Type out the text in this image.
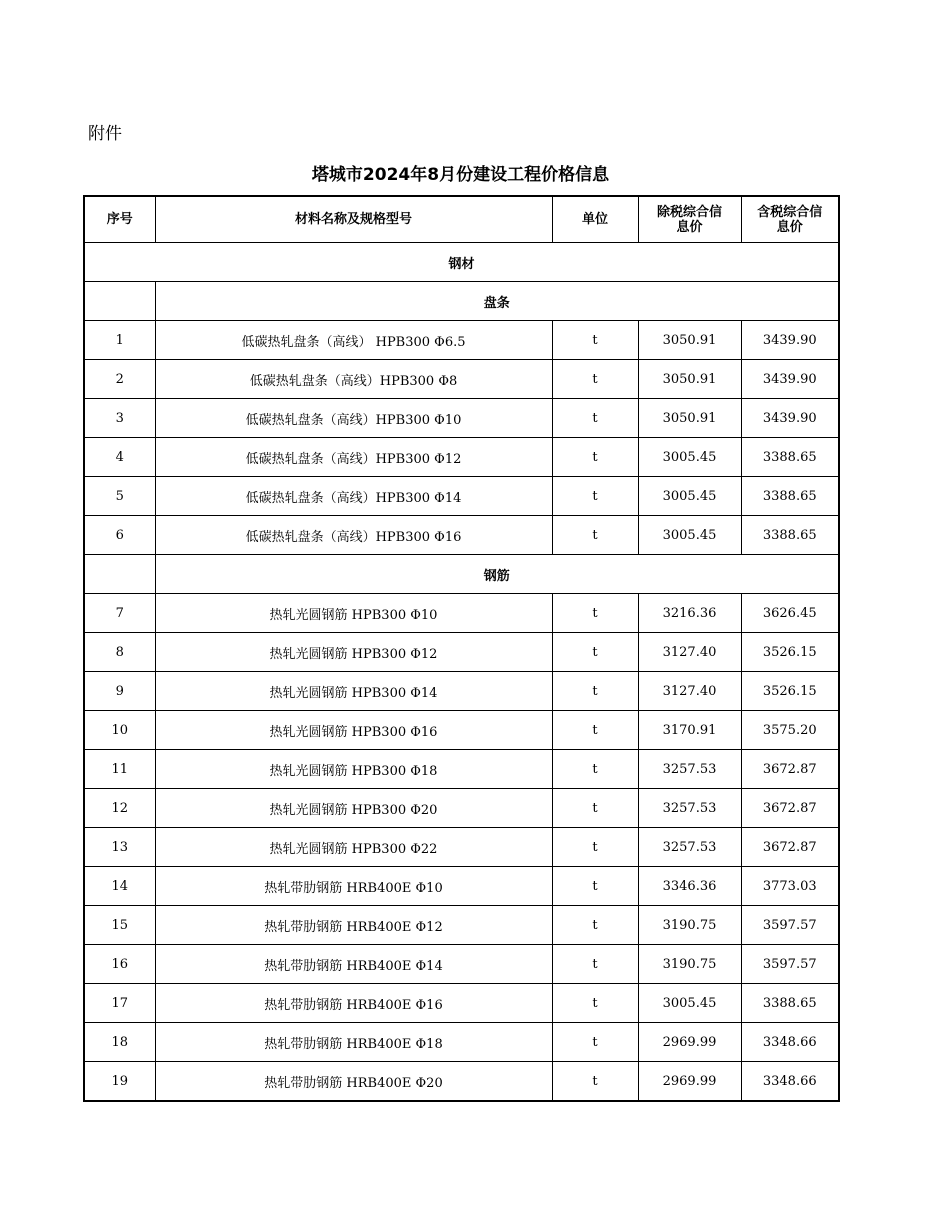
附件
塔城市2024年8月份建设工程价格信息
序号	材料名称及规格型号	单位	除税综合信息价	含税综合信息价
钢材				
	盘条			
1	低碳热轧盘条（高线） HPB300 Φ6.5	t	3050.91	3439.90
2	低碳热轧盘条（高线）HPB300 Φ8	t	3050.91	3439.90
3	低碳热轧盘条（高线）HPB300 Φ10	t	3050.91	3439.90
4	低碳热轧盘条（高线）HPB300 Φ12	t	3005.45	3388.65
5	低碳热轧盘条（高线）HPB300 Φ14	t	3005.45	3388.65
6	低碳热轧盘条（高线）HPB300 Φ16	t	3005.45	3388.65
	钢筋			
7	热轧光圆钢筋 HPB300 Φ10	t	3216.36	3626.45
8	热轧光圆钢筋 HPB300 Φ12	t	3127.40	3526.15
9	热轧光圆钢筋 HPB300 Φ14	t	3127.40	3526.15
10	热轧光圆钢筋 HPB300 Φ16	t	3170.91	3575.20
11	热轧光圆钢筋 HPB300 Φ18	t	3257.53	3672.87
12	热轧光圆钢筋 HPB300 Φ20	t	3257.53	3672.87
13	热轧光圆钢筋 HPB300 Φ22	t	3257.53	3672.87
14	热轧带肋钢筋 HRB400E Φ10	t	3346.36	3773.03
15	热轧带肋钢筋 HRB400E Φ12	t	3190.75	3597.57
16	热轧带肋钢筋 HRB400E Φ14	t	3190.75	3597.57
17	热轧带肋钢筋 HRB400E Φ16	t	3005.45	3388.65
18	热轧带肋钢筋 HRB400E Φ18	t	2969.99	3348.66
19	热轧带肋钢筋 HRB400E Φ20	t	2969.99	3348.66
